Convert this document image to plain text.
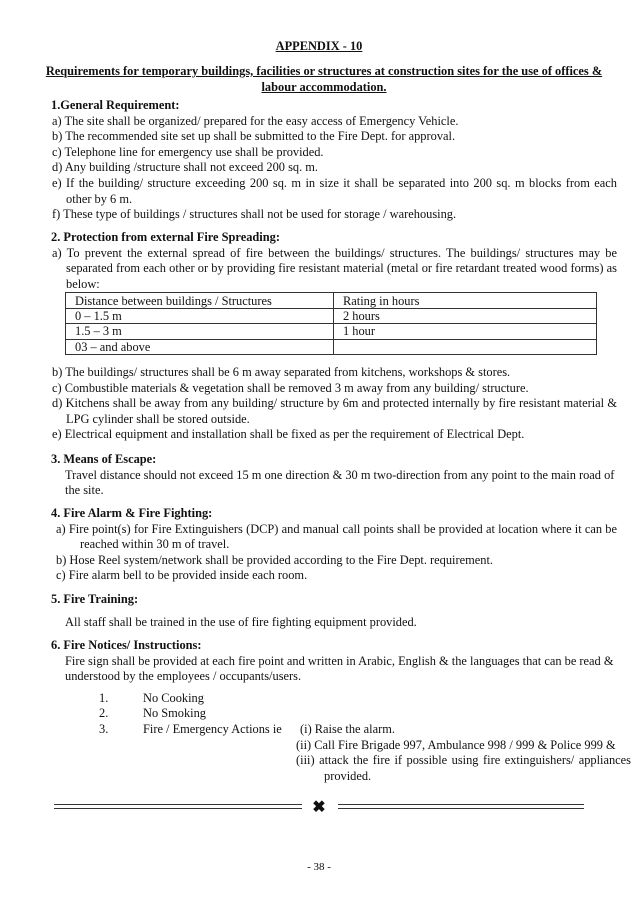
APPENDIX - 10
Requirements for temporary buildings, facilities or structures at construction sites for the use of offices & labour accommodation.
1.General Requirement:
a) The site shall be organized/ prepared for the easy access of Emergency Vehicle.
b) The recommended site set up shall be submitted to the Fire Dept. for approval.
c) Telephone line for emergency use shall be provided.
d) Any building /structure shall not exceed 200 sq. m.
e) If the building/ structure exceeding 200 sq. m in size it shall be separated into 200 sq. m blocks from each other by 6 m.
f) These type of buildings / structures shall not be used for storage / warehousing.
2. Protection from external Fire Spreading:
a) To prevent the external spread of fire between the buildings/ structures. The buildings/ structures may be separated from each other or by providing fire resistant material (metal or fire retardant treated wood forms) as below:
Distance between buildings / Structures	Rating in hours
0 – 1.5 m	2 hours
1.5 – 3 m	1 hour
03 – and above	
b) The buildings/ structures shall be 6 m away separated from kitchens, workshops & stores.
c) Combustible materials & vegetation shall be removed 3 m away from any building/ structure.
d) Kitchens shall be away from any building/ structure by 6m and protected internally by fire resistant material & LPG cylinder shall be stored outside.
e) Electrical equipment and installation shall be fixed as per the requirement of Electrical Dept.
3. Means of Escape:
Travel distance should not exceed 15 m one direction & 30 m two-direction from any point to the main road of the site.
4. Fire Alarm & Fire Fighting:
a) Fire point(s) for Fire Extinguishers (DCP) and manual call points shall be provided at location where it can be reached within 30 m of travel.
b) Hose Reel system/network shall be provided according to the Fire Dept. requirement.
c) Fire alarm bell to be provided inside each room.
5. Fire Training:
All staff shall be trained in the use of fire fighting equipment provided.
6. Fire Notices/ Instructions:
Fire sign shall be provided at each fire point and written in Arabic, English & the languages that can be read & understood by the employees / occupants/users.
1.	No Cooking
2.	No Smoking
3.	Fire / Emergency Actions ie	(i) Raise the alarm.
(ii) Call Fire Brigade 997, Ambulance 998 / 999 & Police 999 &
(iii) attack the fire if possible using fire extinguishers/ appliances provided.
✖
- 38 -
